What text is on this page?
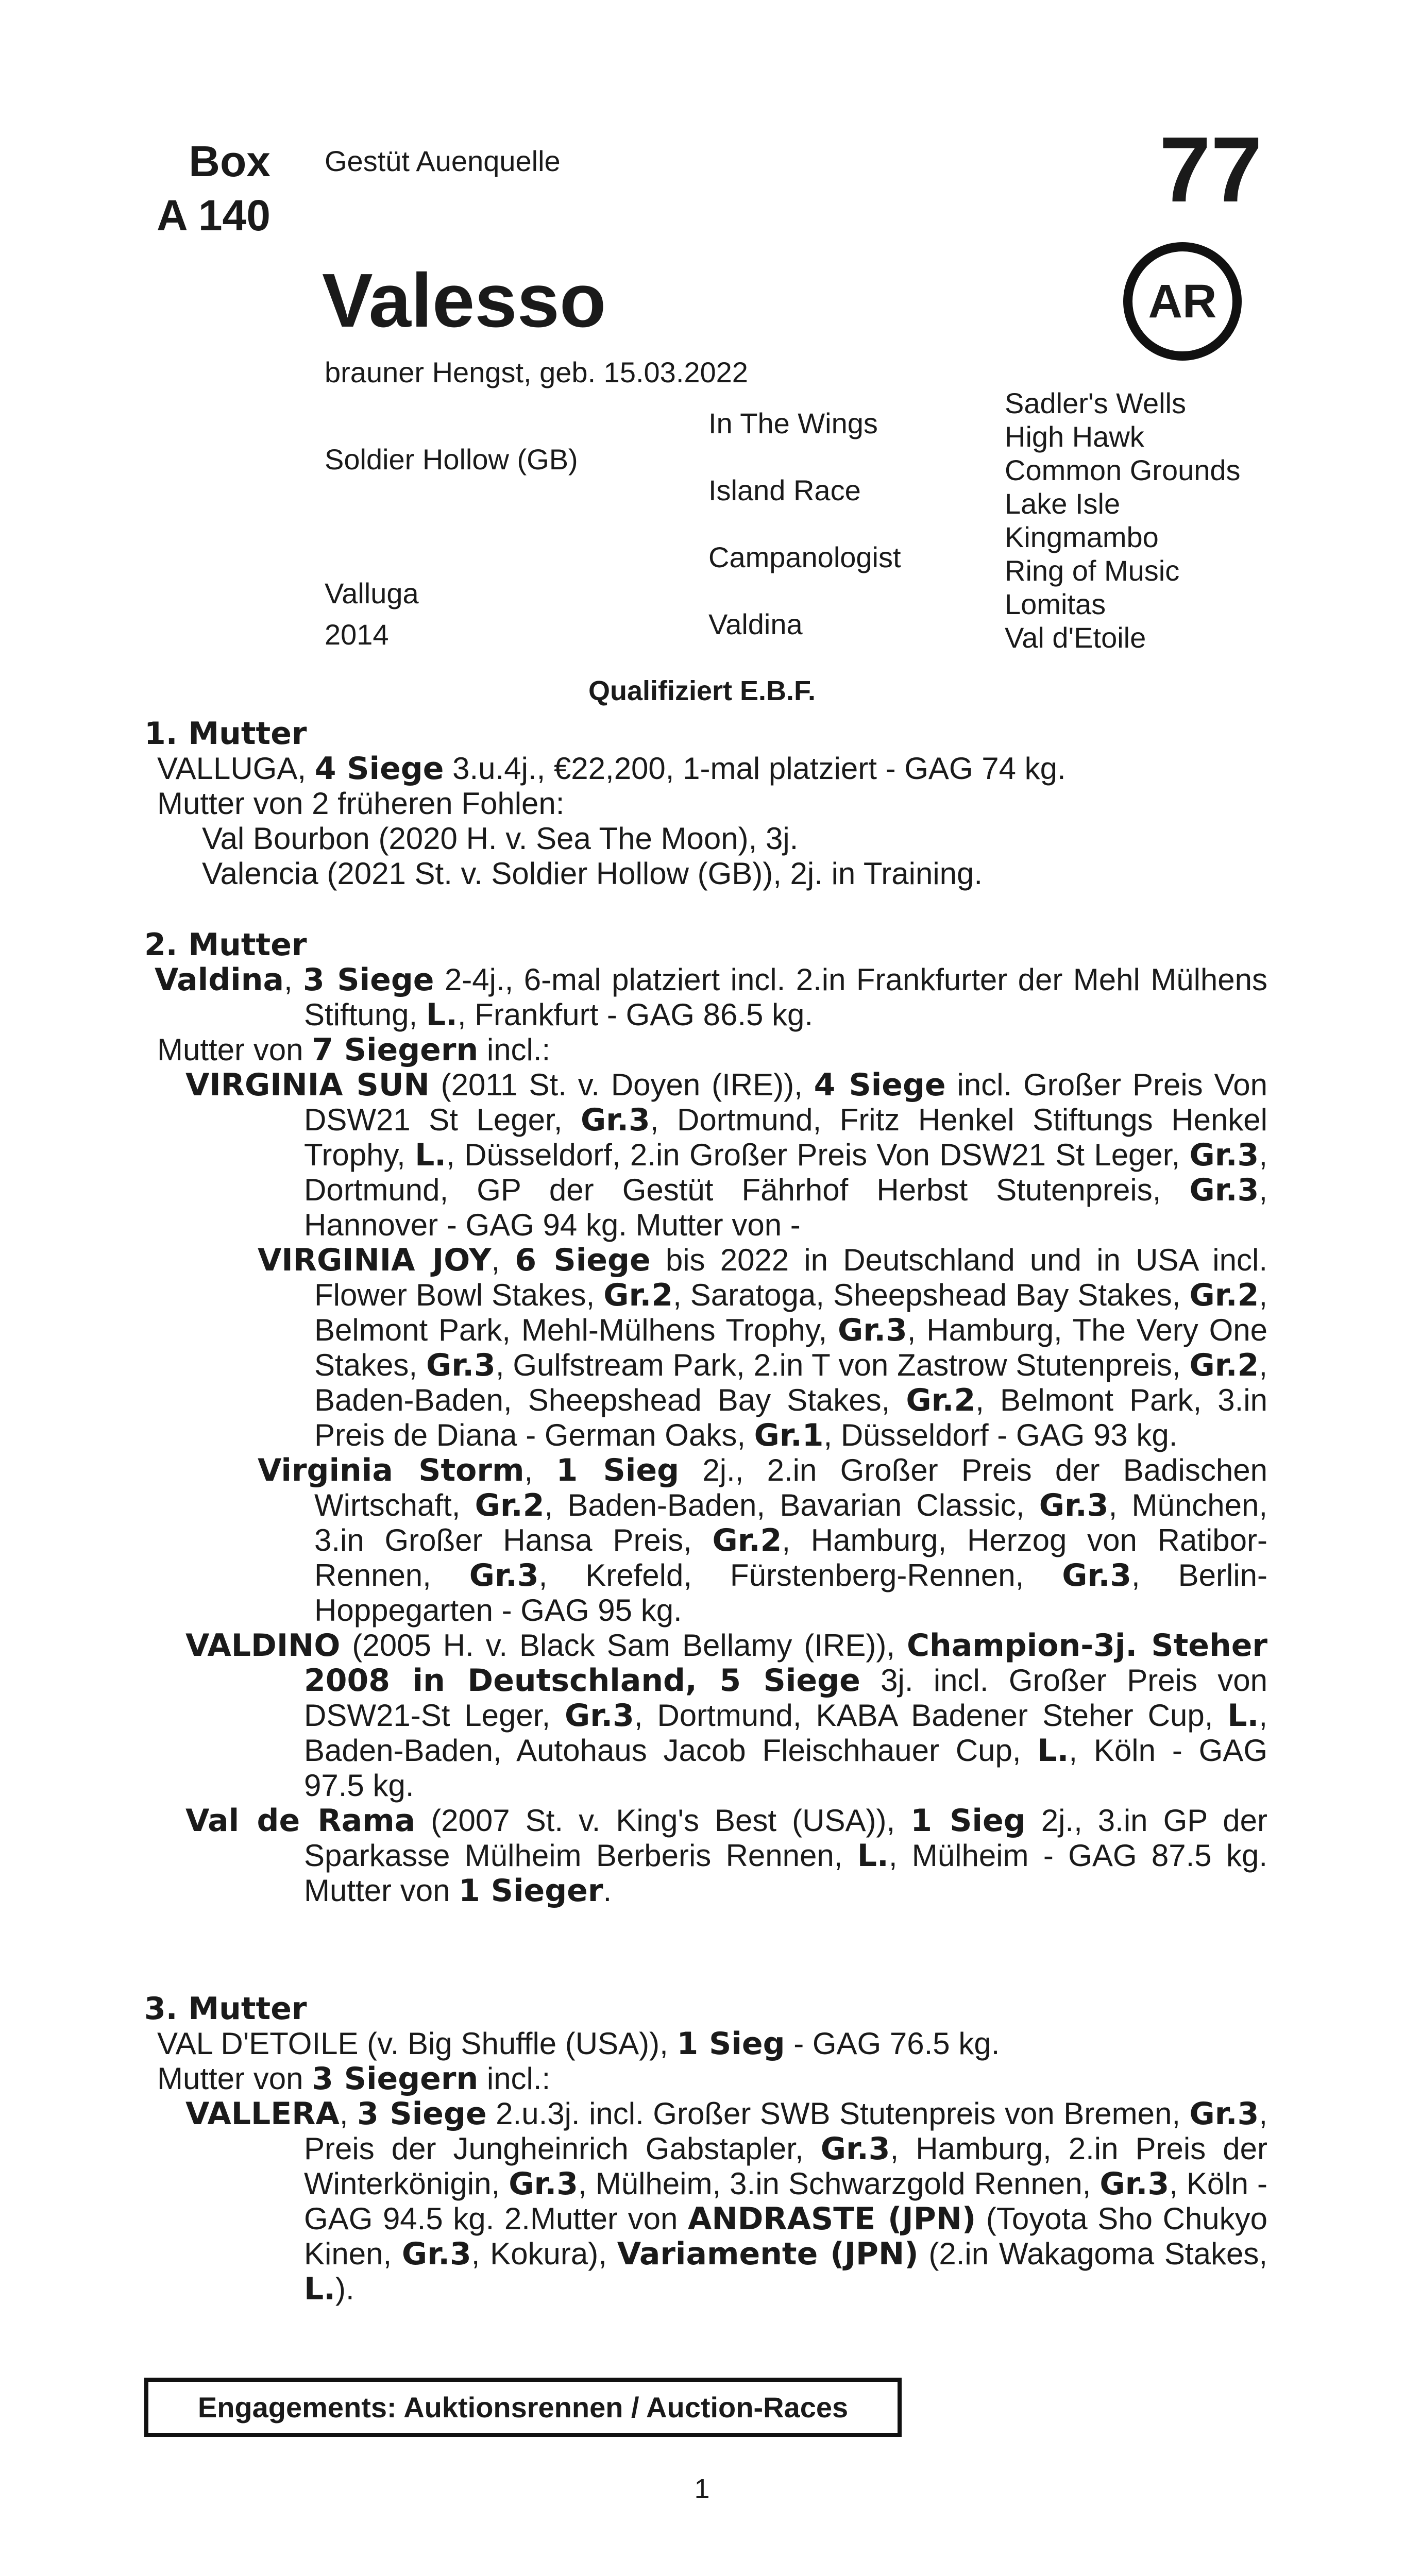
Box
A 140
Gestüt Auenquelle	77
Valesso	AR
brauner Hengst, geb. 15.03.2022
Soldier Hollow (GB)
Valluga
2014
In The Wings
Island Race
Campanologist
Valdina
Sadler's Wells
High Hawk
Common Grounds
Lake Isle
Kingmambo
Ring of Music
Lomitas
Val d'Etoile
Qualifiziert E.B.F.
1. Mutter
VALLUGA, 4 Siege 3.u.4j., €22,200, 1-mal platziert - GAG 74 kg.
Mutter von 2 früheren Fohlen:
Val Bourbon (2020 H. v. Sea The Moon), 3j.
Valencia (2021 St. v. Soldier Hollow (GB)), 2j. in Training.
2. Mutter
Valdina, 3 Siege 2-4j., 6-mal platziert incl. 2.in Frankfurter der Mehl Mülhens Stiftung, L., Frankfurt - GAG 86.5 kg.
Mutter von 7 Siegern incl.:
VIRGINIA SUN (2011 St. v. Doyen (IRE)), 4 Siege incl. Großer Preis Von DSW21 St Leger, Gr.3, Dortmund, Fritz Henkel Stiftungs Henkel Trophy, L., Düsseldorf, 2.in Großer Preis Von DSW21 St Leger, Gr.3, Dortmund, GP der Gestüt Fährhof Herbst Stutenpreis, Gr.3, Hannover - GAG 94 kg. Mutter von -
VIRGINIA JOY, 6 Siege bis 2022 in Deutschland und in USA incl. Flower Bowl Stakes, Gr.2, Saratoga, Sheepshead Bay Stakes, Gr.2, Belmont Park, Mehl-Mülhens Trophy, Gr.3, Hamburg, The Very One Stakes, Gr.3, Gulfstream Park, 2.in T von Zastrow Stutenpreis, Gr.2, Baden-Baden, Sheepshead Bay Stakes, Gr.2, Belmont Park, 3.in Preis de Diana - German Oaks, Gr.1, Düsseldorf - GAG 93 kg.
Virginia Storm, 1 Sieg 2j., 2.in Großer Preis der Badischen Wirtschaft, Gr.2, Baden-Baden, Bavarian Classic, Gr.3, München, 3.in Großer Hansa Preis, Gr.2, Hamburg, Herzog von Ratibor-Rennen, Gr.3, Krefeld, Fürstenberg-Rennen, Gr.3, Berlin-Hoppegarten - GAG 95 kg.
VALDINO (2005 H. v. Black Sam Bellamy (IRE)), Champion-3j. Steher 2008 in Deutschland, 5 Siege 3j. incl. Großer Preis von DSW21-St Leger, Gr.3, Dortmund, KABA Badener Steher Cup, L., Baden-Baden, Autohaus Jacob Fleischhauer Cup, L., Köln - GAG 97.5 kg.
Val de Rama (2007 St. v. King's Best (USA)), 1 Sieg 2j., 3.in GP der Sparkasse Mülheim Berberis Rennen, L., Mülheim - GAG 87.5 kg. Mutter von 1 Sieger.
3. Mutter
VAL D'ETOILE (v. Big Shuffle (USA)), 1 Sieg - GAG 76.5 kg.
Mutter von 3 Siegern incl.:
VALLERA, 3 Siege 2.u.3j. incl. Großer SWB Stutenpreis von Bremen, Gr.3, Preis der Jungheinrich Gabstapler, Gr.3, Hamburg, 2.in Preis der Winterkönigin, Gr.3, Mülheim, 3.in Schwarzgold Rennen, Gr.3, Köln - GAG 94.5 kg. 2.Mutter von ANDRASTE (JPN) (Toyota Sho Chukyo Kinen, Gr.3, Kokura), Variamente (JPN) (2.in Wakagoma Stakes, L.).
Engagements: Auktionsrennen / Auction-Races
1
